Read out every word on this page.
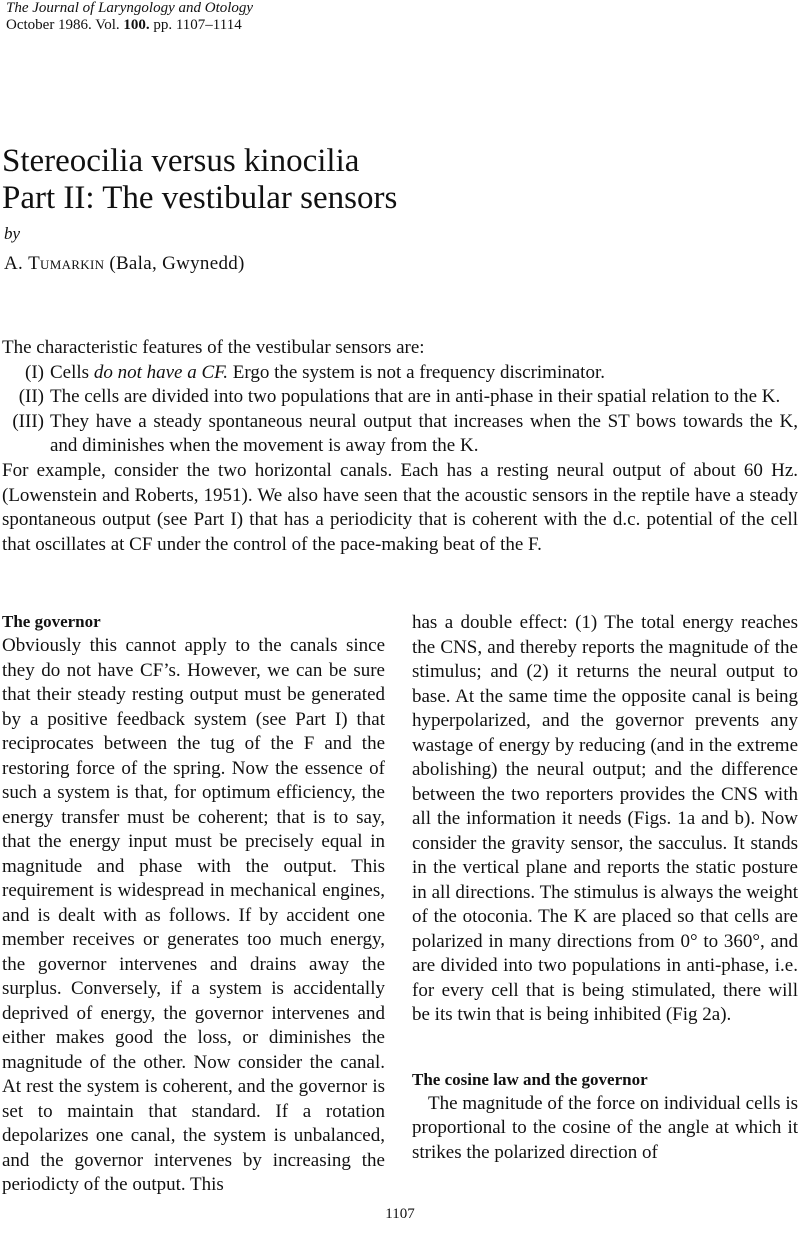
The Journal of Laryngology and Otology
October 1986. Vol. 100. pp. 1107–1114
Stereocilia versus kinocilia
Part II: The vestibular sensors
by
A. Tumarkin (Bala, Gwynedd)

The characteristic features of the vestibular sensors are:

(I) Cells do not have a CF. Ergo the system is not a frequency discriminator.
(II) The cells are divided into two populations that are in anti-phase in their spatial relation to the K.
(III) They have a steady spontaneous neural output that increases when the ST bows towards the K, and diminishes when the movement is away from the K.

For example, consider the two horizontal canals. Each has a resting neural output of about 60 Hz. (Lowenstein and Roberts, 1951). We also have seen that the acoustic sensors in the reptile have a steady spontaneous output (see Part I) that has a periodicity that is coherent with the d.c. potential of the cell that oscillates at CF under the control of the pace-making beat of the F.

The governor

Obviously this cannot apply to the canals since they do not have CF’s. However, we can be sure that their steady resting output must be generated by a positive feedback system (see Part I) that reciprocates between the tug of the F and the restoring force of the spring. Now the essence of such a system is that, for optimum efficiency, the energy transfer must be coherent; that is to say, that the energy input must be precisely equal in magnitude and phase with the output. This requirement is widespread in mechanical engines, and is dealt with as follows. If by accident one member receives or generates too much energy, the governor intervenes and drains away the surplus. Conversely, if a system is accidentally deprived of energy, the governor intervenes and either makes good the loss, or diminishes the magnitude of the other. Now consider the canal. At rest the system is coherent, and the governor is set to maintain that standard. If a rotation depolarizes one canal, the system is unbalanced, and the governor intervenes by increasing the periodicty of the output. This

has a double effect: (1) The total energy reaches the CNS, and thereby reports the magnitude of the stimulus; and (2) it returns the neural output to base. At the same time the opposite canal is being hyperpolarized, and the governor prevents any wastage of energy by reducing (and in the extreme abolishing) the neural output; and the difference between the two reporters provides the CNS with all the information it needs (Figs. 1a and b). Now consider the gravity sensor, the sacculus. It stands in the vertical plane and reports the static posture in all directions. The stimulus is always the weight of the otoconia. The K are placed so that cells are polarized in many directions from 0° to 360°, and are divided into two populations in anti-phase, i.e. for every cell that is being stimulated, there will be its twin that is being inhibited (Fig 2a).

The cosine law and the governor

The magnitude of the force on individual cells is proportional to the cosine of the angle at which it strikes the polarized direction of

1107
